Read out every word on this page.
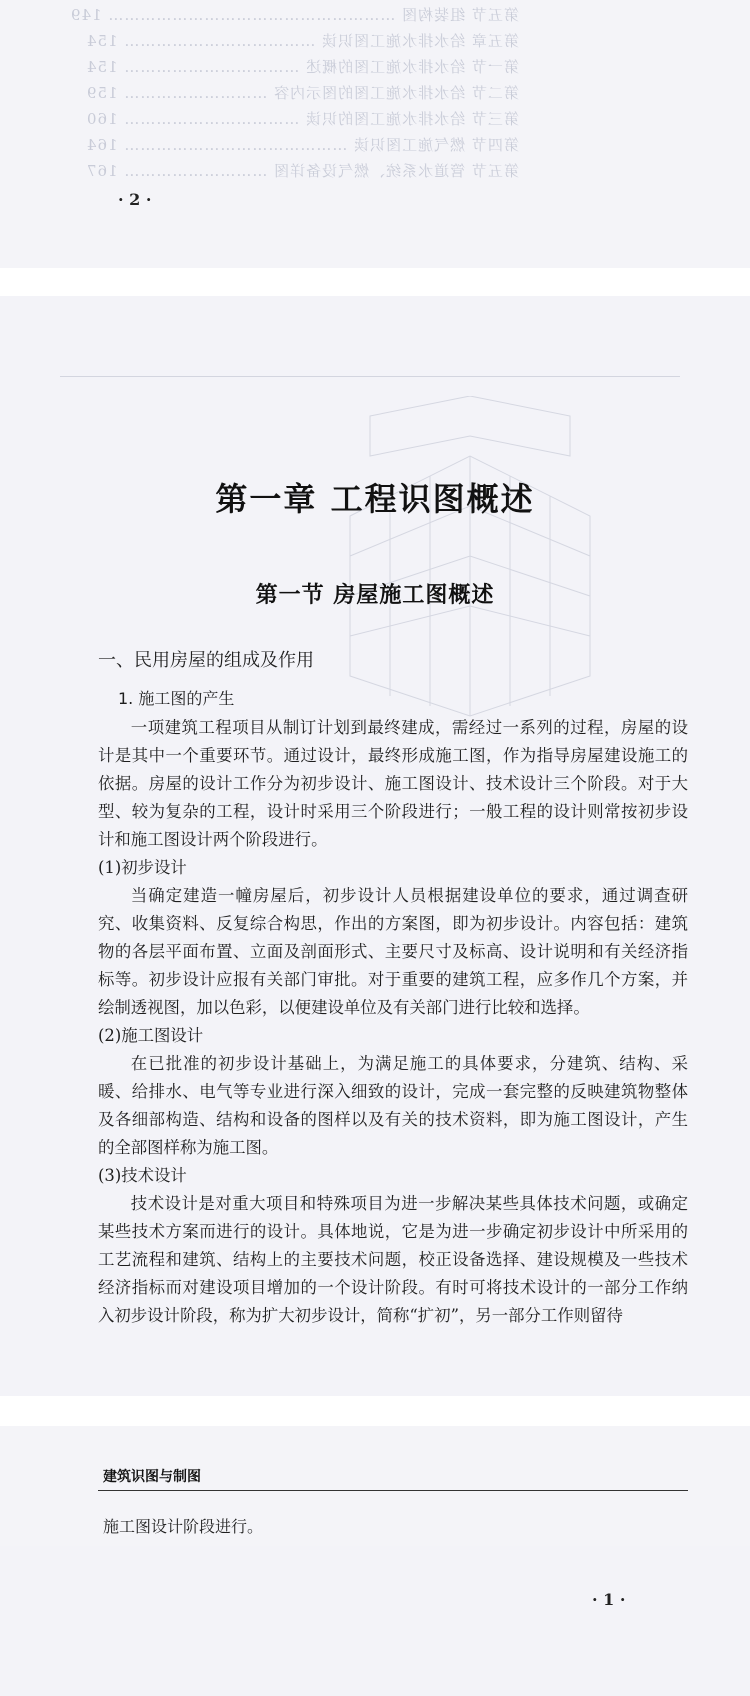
第五节 组装构图 ……………………………………………… 149
第五章 给水排水施工图识读 ……………………………… 154
第一节 给水排水施工图的概述 …………………………… 154
第二节 给水排水施工图的图示内容 ……………………… 159
第三节 给水排水施工图的识读 …………………………… 160
第四节 燃气施工图识读 …………………………………… 164
第五节 管道水系统、燃气设备详图 ……………………… 167
· 2 ·
第一章 工程识图概述
第一节 房屋施工图概述
一、民用房屋的组成及作用
1. 施工图的产生

一项建筑工程项目从制订计划到最终建成，需经过一系列的过程，房屋的设计是其中一个重要环节。通过设计，最终形成施工图，作为指导房屋建设施工的依据。房屋的设计工作分为初步设计、施工图设计、技术设计三个阶段。对于大型、较为复杂的工程，设计时采用三个阶段进行；一般工程的设计则常按初步设计和施工图设计两个阶段进行。

(1)初步设计

当确定建造一幢房屋后，初步设计人员根据建设单位的要求，通过调查研究、收集资料、反复综合构思，作出的方案图，即为初步设计。内容包括：建筑物的各层平面布置、立面及剖面形式、主要尺寸及标高、设计说明和有关经济指标等。初步设计应报有关部门审批。对于重要的建筑工程，应多作几个方案，并绘制透视图，加以色彩，以便建设单位及有关部门进行比较和选择。

(2)施工图设计

在已批准的初步设计基础上，为满足施工的具体要求，分建筑、结构、采暖、给排水、电气等专业进行深入细致的设计，完成一套完整的反映建筑物整体及各细部构造、结构和设备的图样以及有关的技术资料，即为施工图设计，产生的全部图样称为施工图。

(3)技术设计

技术设计是对重大项目和特殊项目为进一步解决某些具体技术问题，或确定某些技术方案而进行的设计。具体地说，它是为进一步确定初步设计中所采用的工艺流程和建筑、结构上的主要技术问题，校正设备选择、建设规模及一些技术经济指标而对建设项目增加的一个设计阶段。有时可将技术设计的一部分工作纳入初步设计阶段，称为扩大初步设计，简称“扩初”，另一部分工作则留待

· 1 ·
建筑识图与制图
施工图设计阶段进行。
